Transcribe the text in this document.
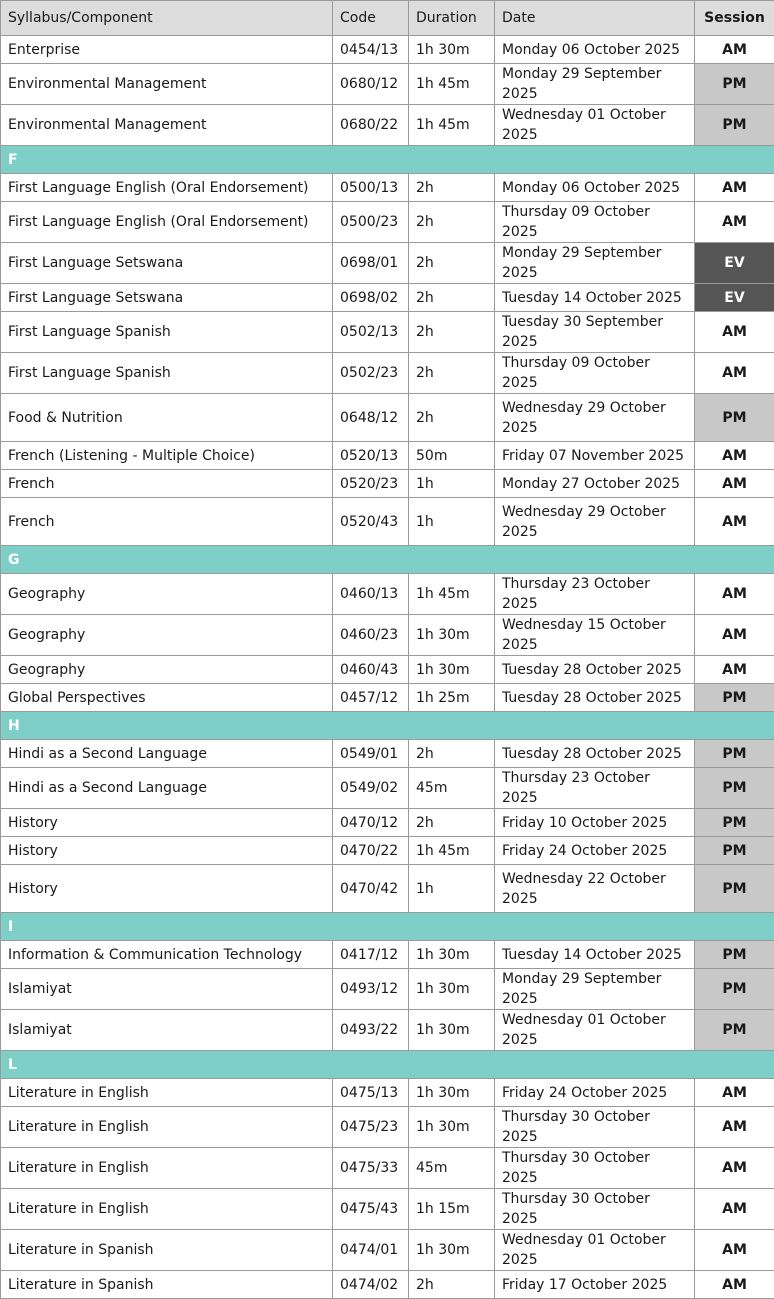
Syllabus/Component	Code	Duration	Date	Session
Enterprise	0454/13	1h 30m	Monday 06 October 2025	AM
Environmental Management	0680/12	1h 45m	Monday 29 September 2025	PM
Environmental Management	0680/22	1h 45m	Wednesday 01 October 2025	PM
F				
First Language English (Oral Endorsement)	0500/13	2h	Monday 06 October 2025	AM
First Language English (Oral Endorsement)	0500/23	2h	Thursday 09 October 2025	AM
First Language Setswana	0698/01	2h	Monday 29 September 2025	EV
First Language Setswana	0698/02	2h	Tuesday 14 October 2025	EV
First Language Spanish	0502/13	2h	Tuesday 30 September 2025	AM
First Language Spanish	0502/23	2h	Thursday 09 October 2025	AM
Food & Nutrition	0648/12	2h	Wednesday 29 October 2025	PM
French (Listening - Multiple Choice)	0520/13	50m	Friday 07 November 2025	AM
French	0520/23	1h	Monday 27 October 2025	AM
French	0520/43	1h	Wednesday 29 October 2025	AM
G				
Geography	0460/13	1h 45m	Thursday 23 October 2025	AM
Geography	0460/23	1h 30m	Wednesday 15 October 2025	AM
Geography	0460/43	1h 30m	Tuesday 28 October 2025	AM
Global Perspectives	0457/12	1h 25m	Tuesday 28 October 2025	PM
H				
Hindi as a Second Language	0549/01	2h	Tuesday 28 October 2025	PM
Hindi as a Second Language	0549/02	45m	Thursday 23 October 2025	PM
History	0470/12	2h	Friday 10 October 2025	PM
History	0470/22	1h 45m	Friday 24 October 2025	PM
History	0470/42	1h	Wednesday 22 October 2025	PM
I				
Information & Communication Technology	0417/12	1h 30m	Tuesday 14 October 2025	PM
Islamiyat	0493/12	1h 30m	Monday 29 September 2025	PM
Islamiyat	0493/22	1h 30m	Wednesday 01 October 2025	PM
L				
Literature in English	0475/13	1h 30m	Friday 24 October 2025	AM
Literature in English	0475/23	1h 30m	Thursday 30 October 2025	AM
Literature in English	0475/33	45m	Thursday 30 October 2025	AM
Literature in English	0475/43	1h 15m	Thursday 30 October 2025	AM
Literature in Spanish	0474/01	1h 30m	Wednesday 01 October 2025	AM
Literature in Spanish	0474/02	2h	Friday 17 October 2025	AM
